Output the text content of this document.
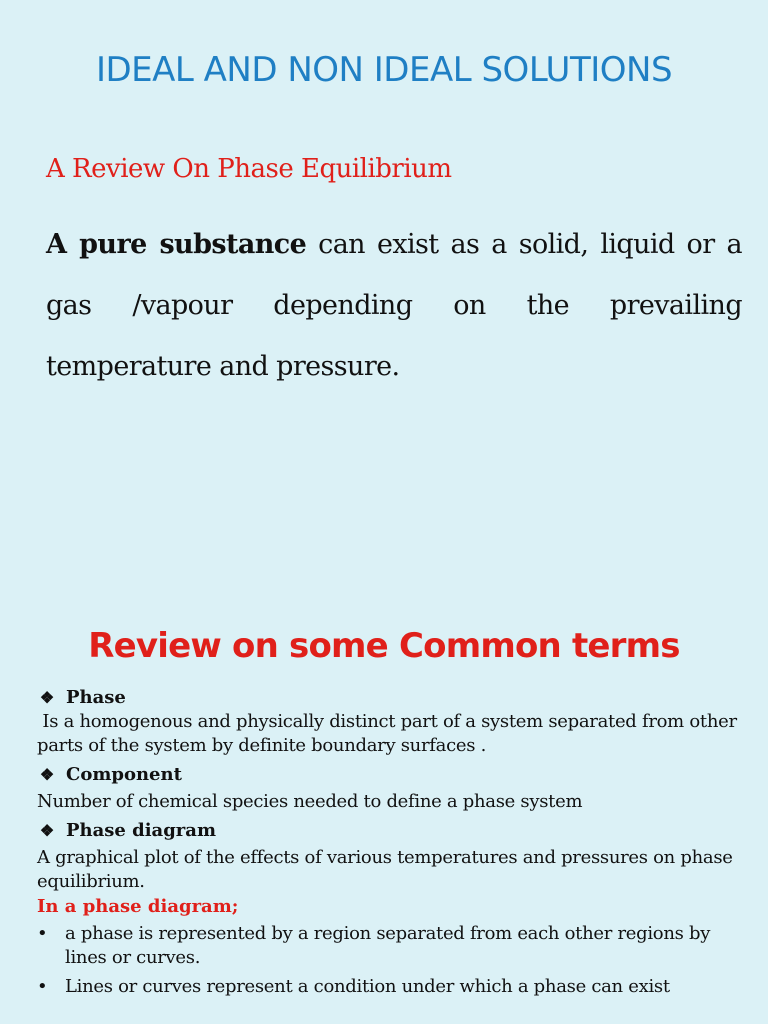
IDEAL AND NON IDEAL SOLUTIONS
A Review On Phase Equilibrium
A pure substance can exist as a solid, liquid or a gas /vapour depending on the prevailing temperature and pressure.
Review on some Common terms
❖ Phase
Is a homogenous and physically distinct part of a system separated from other parts of the system by definite boundary surfaces .
❖ Component
Number of chemical species needed to define a phase system
❖ Phase diagram
A graphical plot of the effects of various temperatures and pressures on phase equilibrium.
In a phase diagram;
• a phase is represented by a region separated from each other regions by lines or curves.
• Lines or curves represent a condition under which a phase can exist
